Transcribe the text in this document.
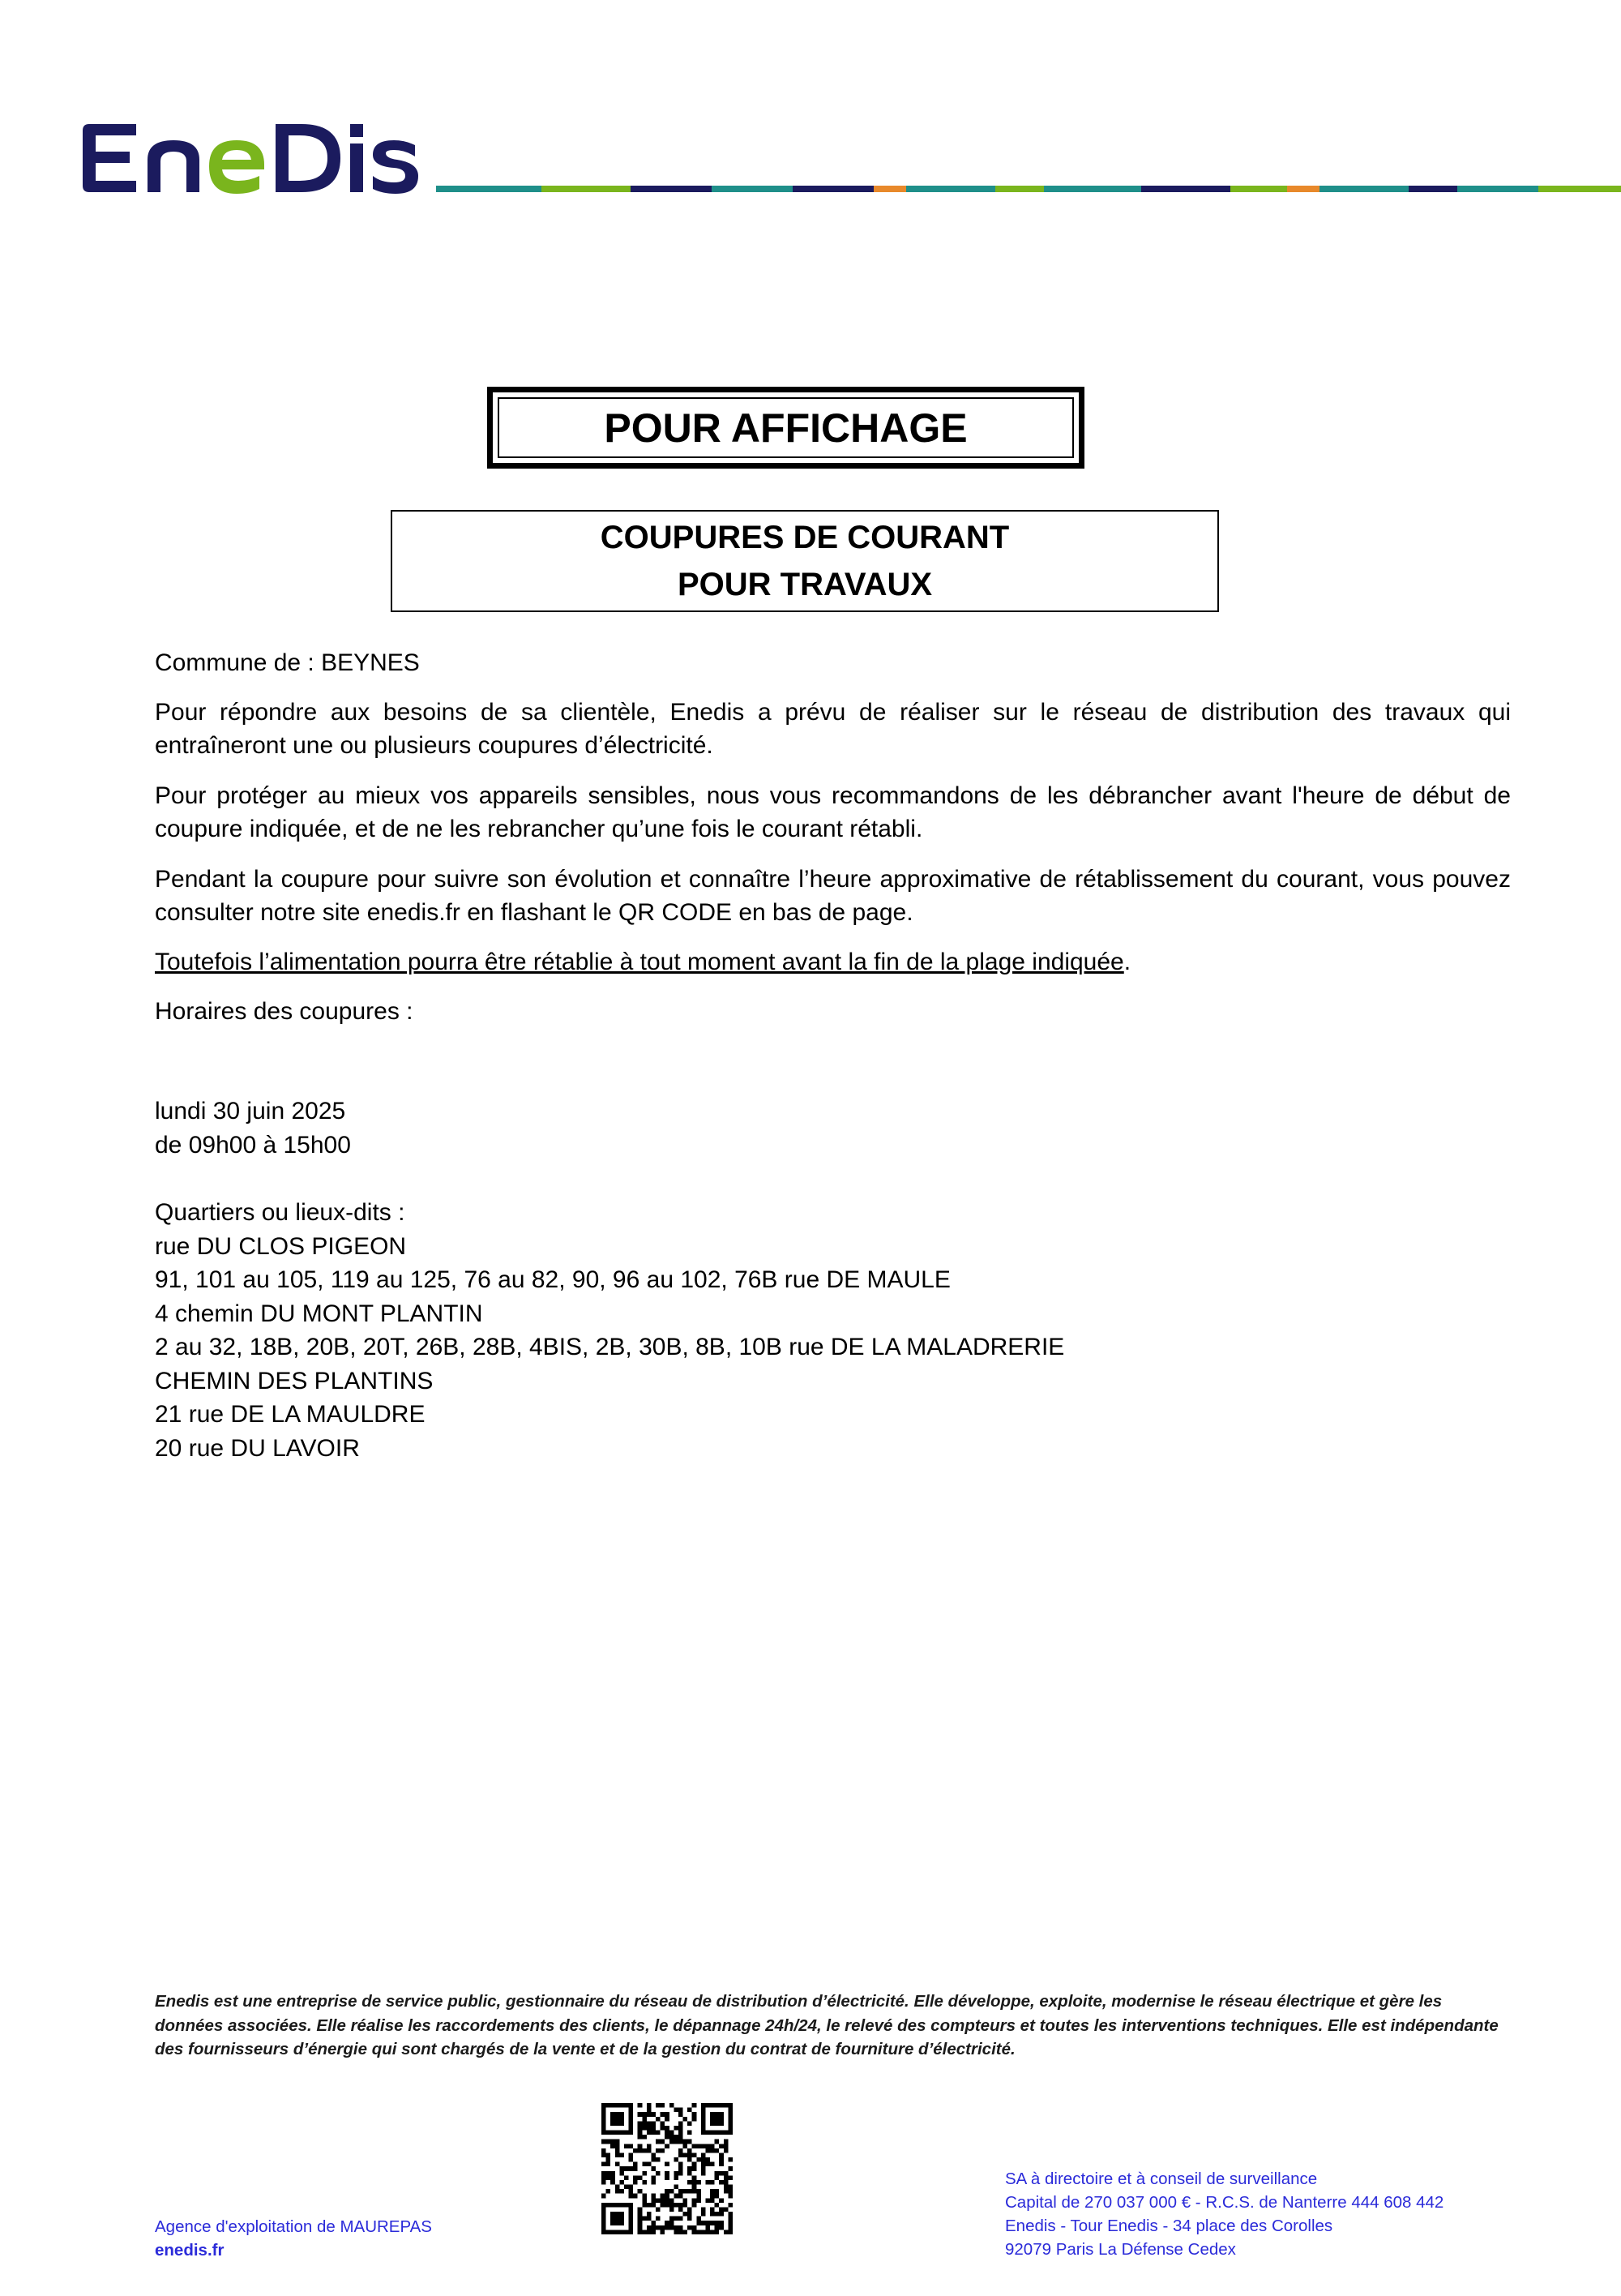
POUR AFFICHAGE
COUPURES DE COURANT
POUR TRAVAUX
Commune de : BEYNES
Pour répondre aux besoins de sa clientèle, Enedis a prévu de réaliser sur le réseau de distribution des travaux qui entraîneront une ou plusieurs coupures d’électricité.
Pour protéger au mieux vos appareils sensibles, nous vous recommandons de les débrancher avant l'heure de début de coupure indiquée, et de ne les rebrancher qu’une fois le courant rétabli.
Pendant la coupure pour suivre son évolution et connaître l’heure approximative de rétablissement du courant, vous pouvez consulter notre site enedis.fr en flashant le QR CODE en bas de page.
Toutefois l’alimentation pourra être rétablie à tout moment avant la fin de la plage indiquée.
Horaires des coupures :
lundi 30 juin 2025
de 09h00 à 15h00
Quartiers ou lieux-dits :
rue DU CLOS PIGEON
91, 101 au 105, 119 au 125, 76 au 82, 90, 96 au 102, 76B rue DE MAULE
4 chemin DU MONT PLANTIN
2 au 32, 18B, 20B, 20T, 26B, 28B, 4BIS, 2B, 30B, 8B, 10B rue DE LA MALADRERIE
CHEMIN DES PLANTINS
21 rue DE LA MAULDRE
20 rue DU LAVOIR
Enedis est une entreprise de service public, gestionnaire du réseau de distribution d’électricité. Elle développe, exploite, modernise le réseau électrique et gère les données associées. Elle réalise les raccordements des clients, le dépannage 24h/24, le relevé des compteurs et toutes les interventions techniques. Elle est indépendante des fournisseurs d’énergie qui sont chargés de la vente et de la gestion du contrat de fourniture d’électricité.
Agence d'exploitation de MAUREPAS
enedis.fr
SA à directoire et à conseil de surveillance
Capital de 270 037 000 € - R.C.S. de Nanterre 444 608 442
Enedis - Tour Enedis - 34 place des Corolles
92079 Paris La Défense Cedex
